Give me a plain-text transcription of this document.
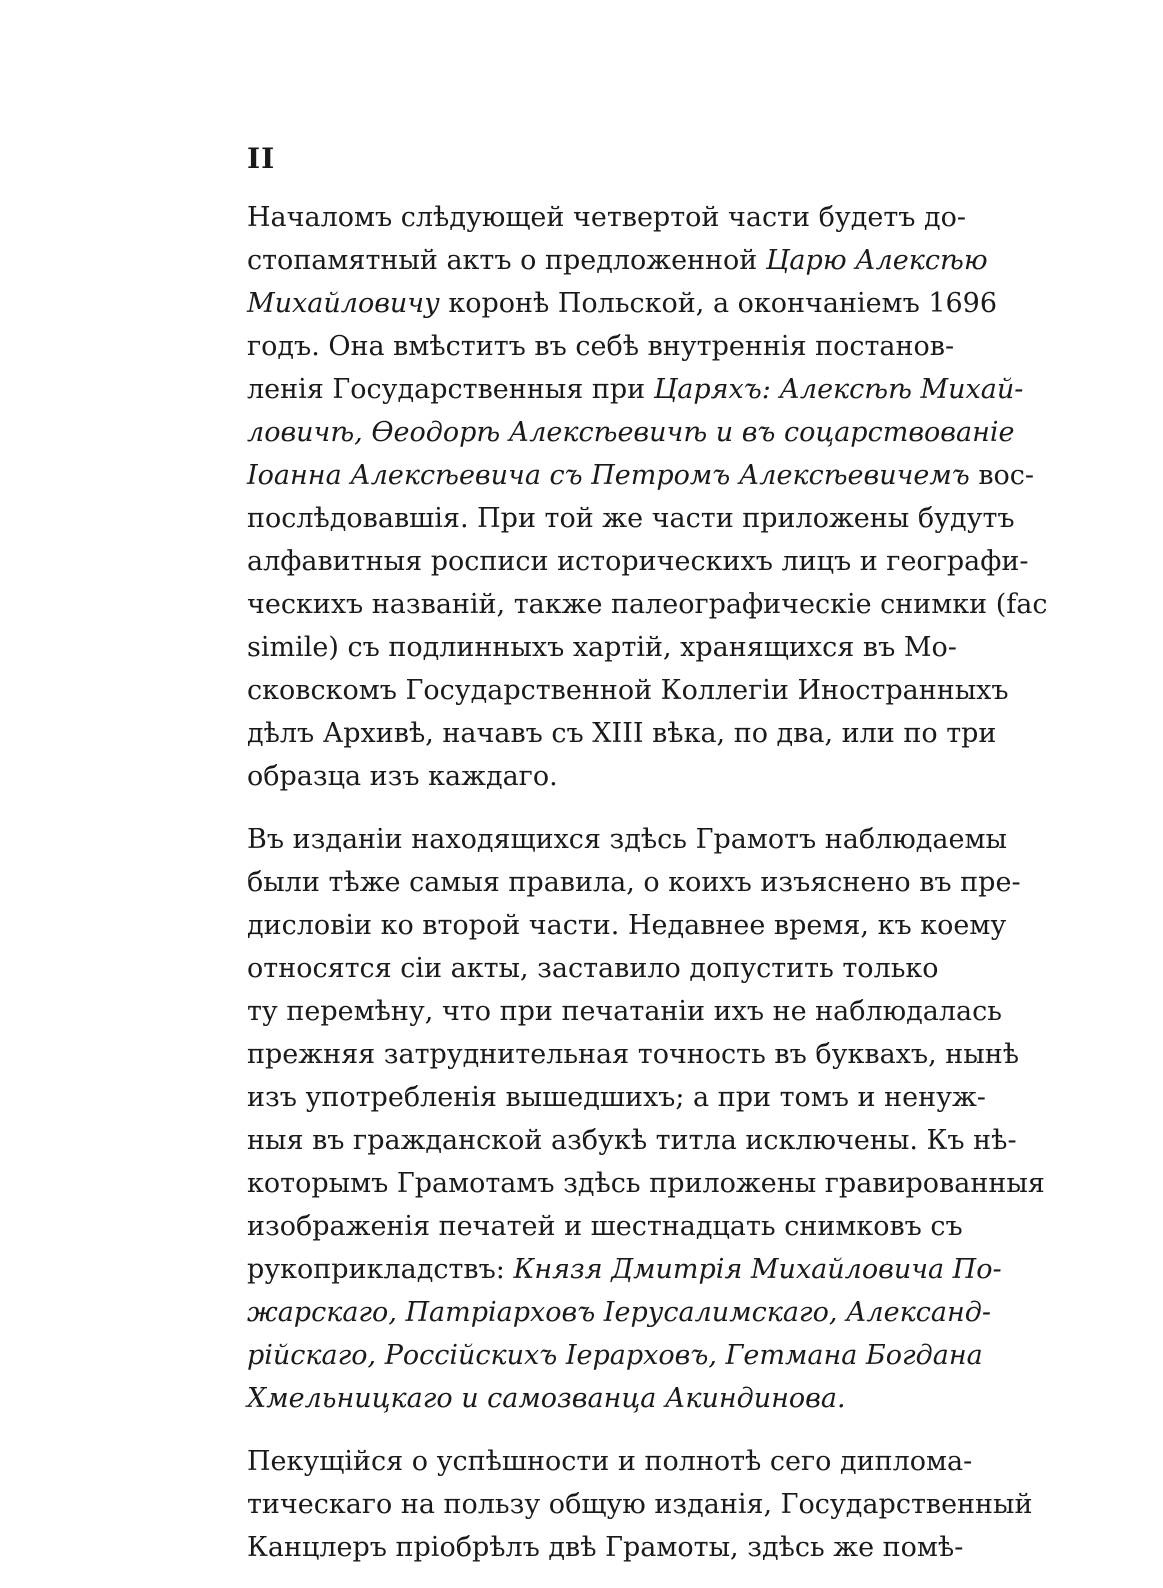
II
Началомъ слѣдующей четвертой части будетъ до-
стопамятный актъ о предложенной Царю Алексѣю
Михайловичу коронѣ Польской, а окончаніемъ 1696
годъ. Она вмѣститъ въ себѣ внутреннія постанов-
ленія Государственныя при Царяхъ: Алексѣѣ Михай-
ловичѣ, Ѳеодорѣ Алексѣевичѣ и въ соцарствованіе
Іоанна Алексѣевича съ Петромъ Алексѣевичемъ вос-
послѣдовавшія. При той же части приложены будутъ
алфавитныя росписи историческихъ лицъ и географи-
ческихъ названій, также палеографическіе снимки (fac
simile) съ подлинныхъ хартій, хранящихся въ Мо-
сковскомъ Государственной Коллегіи Иностранныхъ
дѣлъ Архивѣ, начавъ съ XIII вѣка, по два, или по три
образца изъ каждаго.
Въ изданіи находящихся здѣсь Грамотъ наблюдаемы
были тѣже самыя правила, о коихъ изъяснено въ пре-
дисловіи ко второй части. Недавнее время, къ коему
относятся сіи акты, заставило допустить только
ту перемѣну, что при печатаніи ихъ не наблюдалась
прежняя затруднительная точность въ буквахъ, нынѣ
изъ употребленія вышедшихъ; а при томъ и ненуж-
ныя въ гражданской азбукѣ титла исключены. Къ нѣ-
которымъ Грамотамъ здѣсь приложены гравированныя
изображенія печатей и шестнадцать снимковъ съ
рукоприкладствъ: Князя Дмитрія Михайловича По-
жарскаго, Патріарховъ Іерусалимскаго, Александ-
рійскаго, Россійскихъ Іерарховъ, Гетмана Богдана
Хмельницкаго и самозванца Акиндинова.
Пекущійся о успѣшности и полнотѣ сего диплома-
тическаго на пользу общую изданія, Государственный
Канцлеръ пріобрѣлъ двѣ Грамоты, здѣсь же помѣ-
